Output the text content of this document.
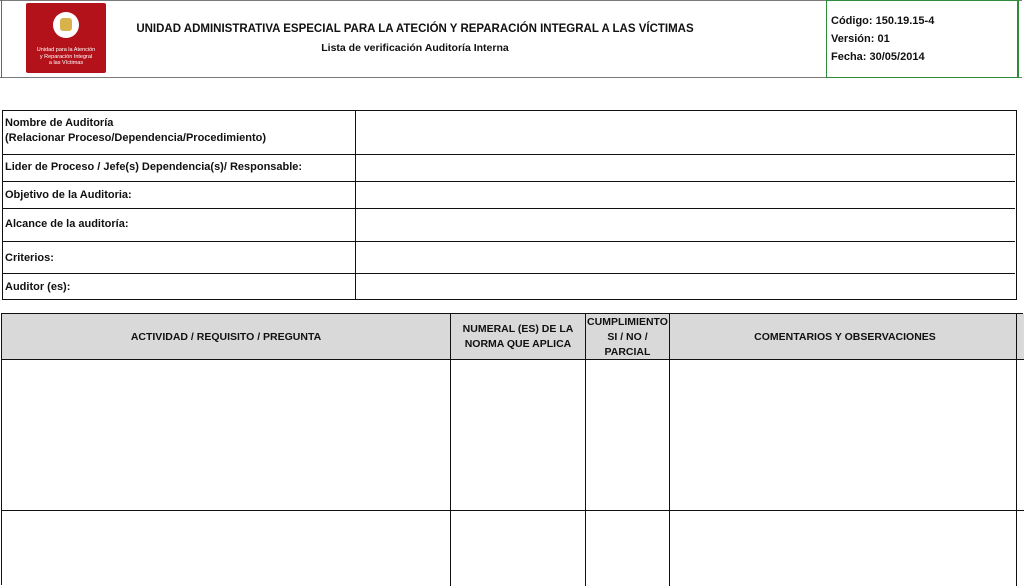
Unidad para la Atención
y Reparación Integral
a las Víctimas
UNIDAD ADMINISTRATIVA ESPECIAL PARA LA ATECIÓN Y REPARACIÓN INTEGRAL A LAS VÍCTIMAS
Lista de verificación Auditoría Interna
Código: 150.19.15-4
Versión: 01
Fecha: 30/05/2014
Nombre de Auditoría
(Relacionar Proceso/Dependencia/Procedimiento)
Lider de Proceso / Jefe(s) Dependencia(s)/ Responsable:
Objetivo de la Auditoria:
Alcance de la auditoría:
Criterios:
Auditor (es):
ACTIVIDAD / REQUISITO / PREGUNTA
NUMERAL (ES) DE LA
NORMA QUE APLICA
CUMPLIMIENTO
SI / NO /
PARCIAL
COMENTARIOS Y OBSERVACIONES
